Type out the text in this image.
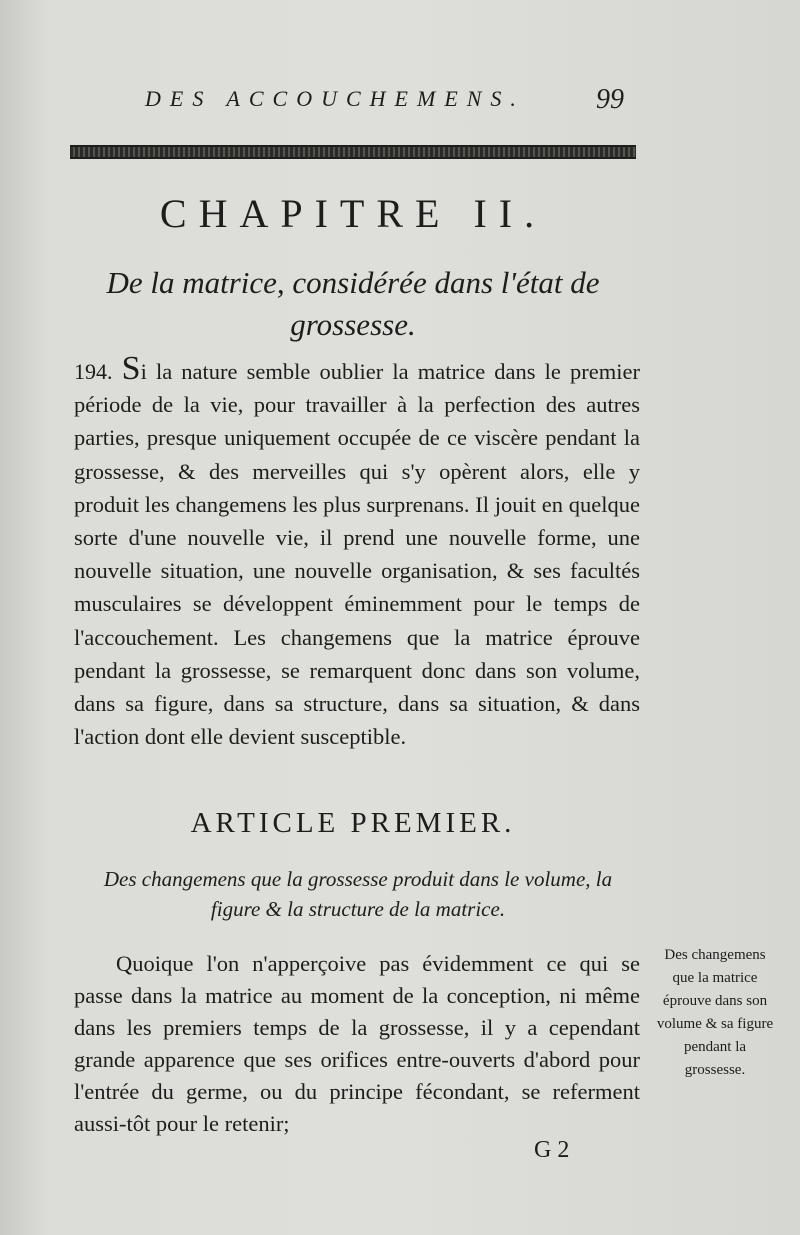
DES ACCOUCHEMENS.	99
CHAPITRE II.
De la matrice, considérée dans l'état de grossesse.

194. Si la nature semble oublier la matrice dans le premier période de la vie, pour travailler à la perfection des autres parties, presque uniquement occupée de ce viscère pendant la grossesse, & des merveilles qui s'y opèrent alors, elle y produit les changemens les plus surprenans. Il jouit en quelque sorte d'une nouvelle vie, il prend une nouvelle forme, une nouvelle situation, une nouvelle organisation, & ses facultés musculaires se développent éminemment pour le temps de l'accouchement. Les changemens que la matrice éprouve pendant la grossesse, se remarquent donc dans son volume, dans sa figure, dans sa structure, dans sa situation, & dans l'action dont elle devient susceptible.

ARTICLE PREMIER.

Des changemens que la grossesse produit dans le volume, la figure & la structure de la matrice.

Quoique l'on n'apperçoive pas évidemment ce qui se passe dans la matrice au moment de la conception, ni même dans les premiers temps de la grossesse, il y a cependant grande apparence que ses orifices entre-ouverts d'abord pour l'entrée du germe, ou du principe fécondant, se referment aussi-tôt pour le retenir;

Des changemens que la matrice éprouve dans son volume & sa figure pendant la grossesse.

G 2
